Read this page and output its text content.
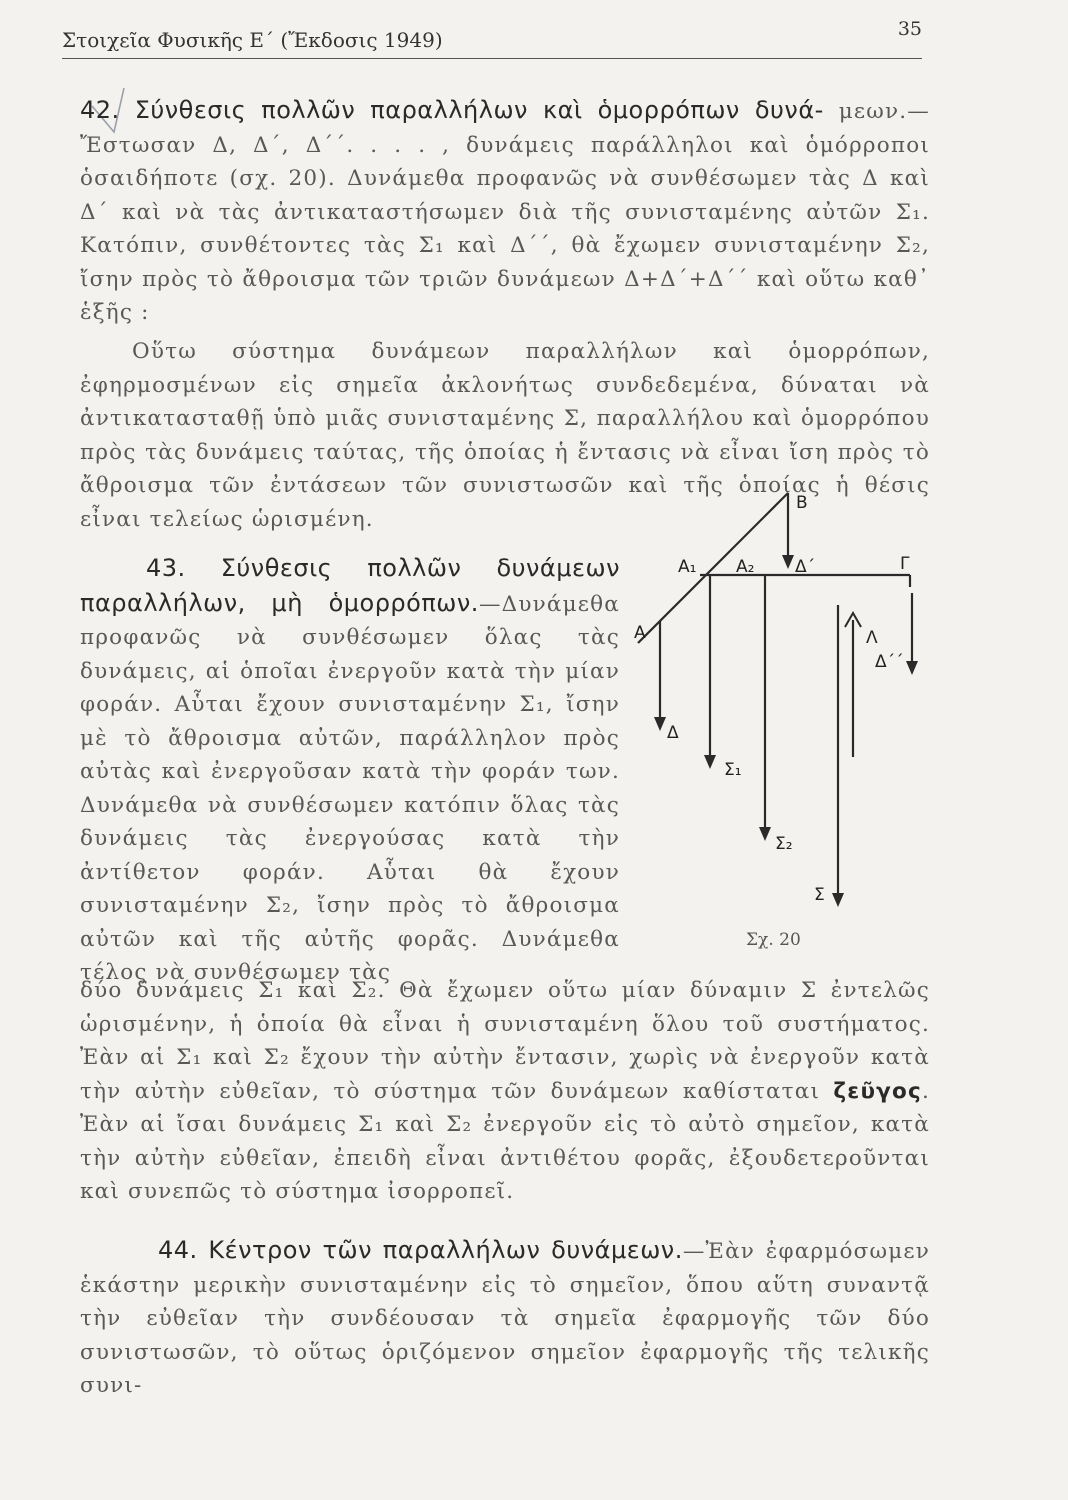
Στοιχεῖα Φυσικῆς Ε΄ (Ἔκδοσις 1949)	35

42. Σύνθεσις πολλῶν παραλλήλων καὶ ὁμορρόπων δυνά- μεων.—Ἔστωσαν Δ, Δ΄, Δ΄΄. . . . , δυνάμεις παράλληλοι καὶ ὁμόρροποι ὁσαιδήποτε (σχ. 20). Δυνάμεθα προφανῶς νὰ συνθέσωμεν τὰς Δ καὶ Δ΄ καὶ νὰ τὰς ἀντικαταστήσωμεν διὰ τῆς συνισταμένης αὐτῶν Σ₁. Κατόπιν, συνθέτοντες τὰς Σ₁ καὶ Δ΄΄, θὰ ἔχωμεν συνισταμένην Σ₂, ἴσην πρὸς τὸ ἄθροισμα τῶν τριῶν δυνάμεων Δ+Δ΄+Δ΄΄ καὶ οὕτω καθ᾽ ἑξῆς :

Οὕτω σύστημα δυνάμεων παραλλήλων καὶ ὁμορρόπων, ἐφηρμοσμένων εἰς σημεῖα ἀκλονήτως συνδεδεμένα, δύναται νὰ ἀντικατασταθῇ ὑπὸ μιᾶς συνισταμένης Σ, παραλλήλου καὶ ὁμορρόπου πρὸς τὰς δυνάμεις ταύτας, τῆς ὁποίας ἡ ἔντασις νὰ εἶναι ἴση πρὸς τὸ ἄθροισμα τῶν ἐντάσεων τῶν συνιστωσῶν καὶ τῆς ὁποίας ἡ θέσις εἶναι τελείως ὡρισμένη.

43. Σύνθεσις πολλῶν δυνάμεων παραλλήλων, μὴ ὁμορρόπων.—Δυνάμεθα προφανῶς νὰ συνθέσωμεν ὅλας τὰς δυνάμεις, αἱ ὁποῖαι ἐνεργοῦν κατὰ τὴν μίαν φοράν. Αὗται ἔχουν συνισταμένην Σ₁, ἴσην μὲ τὸ ἄθροισμα αὐτῶν, παράλληλον πρὸς αὐτὰς καὶ ἐνεργοῦσαν κατὰ τὴν φοράν των. Δυνάμεθα νὰ συνθέσωμεν κατόπιν ὅλας τὰς δυνάμεις τὰς ἐνεργούσας κατὰ τὴν ἀντίθετον φοράν. Αὗται θὰ ἔχουν συνισταμένην Σ₂, ἴσην πρὸς τὸ ἄθροισμα αὐτῶν καὶ τῆς αὐτῆς φορᾶς. Δυνάμεθα τέλος νὰ συνθέσωμεν τὰς

δύο δυνάμεις Σ₁ καὶ Σ₂. Θὰ ἔχωμεν οὕτω μίαν δύναμιν Σ ἐντελῶς ὡρισμένην, ἡ ὁποία θὰ εἶναι ἡ συνισταμένη ὅλου τοῦ συστήματος. Ἐὰν αἱ Σ₁ καὶ Σ₂ ἔχουν τὴν αὐτὴν ἔντασιν, χωρὶς νὰ ἐνεργοῦν κατὰ τὴν αὐτὴν εὐθεῖαν, τὸ σύστημα τῶν δυνάμεων καθίσταται ζεῦγος. Ἐὰν αἱ ἴσαι δυνάμεις Σ₁ καὶ Σ₂ ἐνεργοῦν εἰς τὸ αὐτὸ σημεῖον, κατὰ τὴν αὐτὴν εὐθεῖαν, ἐπειδὴ εἶναι ἀντιθέτου φορᾶς, ἐξουδετεροῦνται καὶ συνεπῶς τὸ σύστημα ἰσορροπεῖ.

44. Κέντρον τῶν παραλλήλων δυνάμεων.—Ἐὰν ἐφαρμόσωμεν ἑκάστην μερικὴν συνισταμένην εἰς τὸ σημεῖον, ὅπου αὕτη συναντᾷ τὴν εὐθεῖαν τὴν συνδέουσαν τὰ σημεῖα ἐφαρμογῆς τῶν δύο συνιστωσῶν, τὸ οὕτως ὁριζόμενον σημεῖον ἐφαρμογῆς τῆς τελικῆς συνι-

B
A₁ A₂ Δ΄	Γ
A	Λ
Δ΄΄
Δ
Σ₁
Σ₂
Σ
Σχ. 20
